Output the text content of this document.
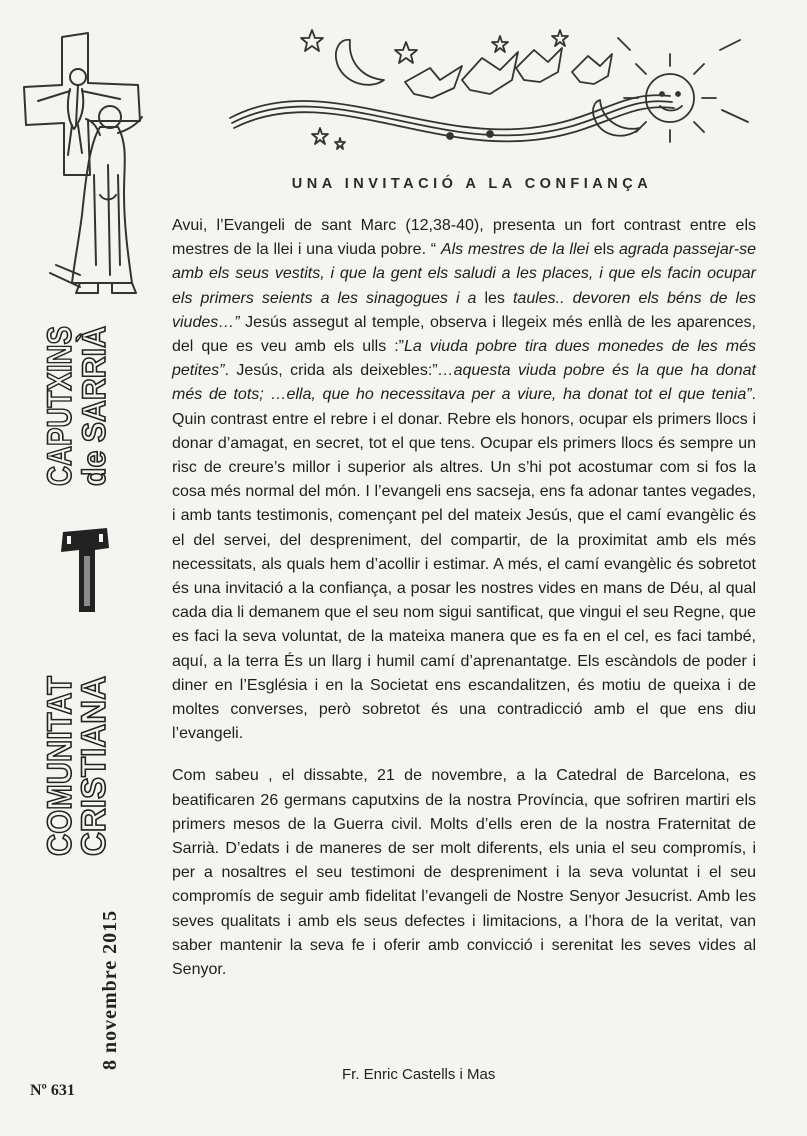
CAPUTXINS
de SARRIÀ
COMUNITAT
CRISTIANA
8 novembre 2015
Nº 631
UNA INVITACIÓ A LA CONFIANÇA

Avui, l’Evangeli de sant Marc (12,38-40), presenta un fort contrast entre els mestres de la llei i una viuda pobre. “ Als mestres de la llei els agrada passejar-se amb els seus vestits, i que la gent els saludi a les places, i que els facin ocupar els primers seients a les sinagogues i a les taules.. devoren els béns de les viudes…” Jesús assegut al temple, observa i llegeix més enllà de les aparences, del que es veu amb els ulls :”La viuda pobre tira dues monedes de les més petites”. Jesús, crida als deixebles:”…aquesta viuda pobre és la que ha donat més de tots; …ella, que ho necessitava per a viure, ha donat tot el que tenia”. Quin contrast entre el rebre i el donar. Rebre els honors, ocupar els primers llocs i donar d’amagat, en secret, tot el que tens. Ocupar els primers llocs és sempre un risc de creure’s millor i superior als altres. Un s’hi pot acostumar com si fos la cosa més normal del món. I l’evangeli ens sacseja, ens fa adonar tantes vegades, i amb tants testimonis, començant pel del mateix Jesús, que el camí evangèlic és el del servei, del despreniment, del compartir, de la proximitat amb els més necessitats, als quals hem d’acollir i estimar. A més, el camí evangèlic és sobretot és una invitació a la confiança, a posar les nostres vides en mans de Déu, al qual cada dia li demanem que el seu nom sigui santificat, que vingui el seu Regne, que es faci la seva voluntat, de la mateixa manera que es fa en el cel, es faci també, aquí, a la terra És un llarg i humil camí d’aprenantatge. Els escàndols de poder i diner en l’Església i en la Societat ens escandalitzen, és motiu de queixa i de moltes converses, però sobretot és una contradicció amb el que ens diu l’evangeli.

Com sabeu , el dissabte, 21 de novembre, a la Catedral de Barcelona, es beatificaren 26 germans caputxins de la nostra Província, que sofriren martiri els primers mesos de la Guerra civil. Molts d’ells eren de la nostra Fraternitat de Sarrià. D’edats i de maneres de ser molt diferents, els unia el seu compromís, i per a nosaltres el seu testimoni de despreniment i la seva voluntat i el seu compromís de seguir amb fidelitat l’evangeli de Nostre Senyor Jesucrist. Amb les seves qualitats i amb els seus defectes i limitacions, a l’hora de la veritat, van saber mantenir la seva fe i oferir amb convicció i serenitat les seves vides al Senyor.

Fr. Enric Castells i Mas
